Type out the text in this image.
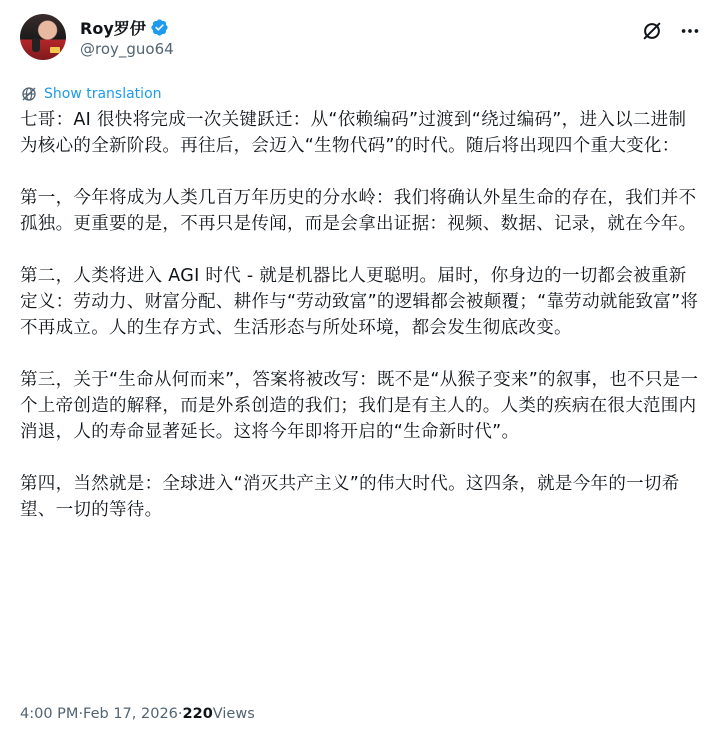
Roy罗伊
@roy_guo64
Show translation

七哥：AI 很快将完成一次关键跃迁：从“依赖编码”过渡到“绕过编码”，进入以二进制为核心的全新阶段。再往后，会迈入“生物代码”的时代。随后将出现四个重大变化：

第一，今年将成为人类几百万年历史的分水岭：我们将确认外星生命的存在，我们并不孤独。更重要的是，不再只是传闻，而是会拿出证据：视频、数据、记录，就在今年。

第二，人类将进入 AGI 时代 - 就是机器比人更聪明。届时，你身边的一切都会被重新定义：劳动力、财富分配、耕作与“劳动致富”的逻辑都会被颠覆；“靠劳动就能致富”将不再成立。人的生存方式、生活形态与所处环境，都会发生彻底改变。

第三，关于“生命从何而来”，答案将被改写：既不是“从猴子变来”的叙事，也不只是一个上帝创造的解释，而是外系创造的我们；我们是有主人的。人类的疾病在很大范围内消退，人的寿命显著延长。这将今年即将开启的“生命新时代”。

第四，当然就是：全球进入“消灭共产主义”的伟大时代。这四条，就是今年的一切希望、一切的等待。

4:00 PM · Feb 17, 2026 · 220 Views
